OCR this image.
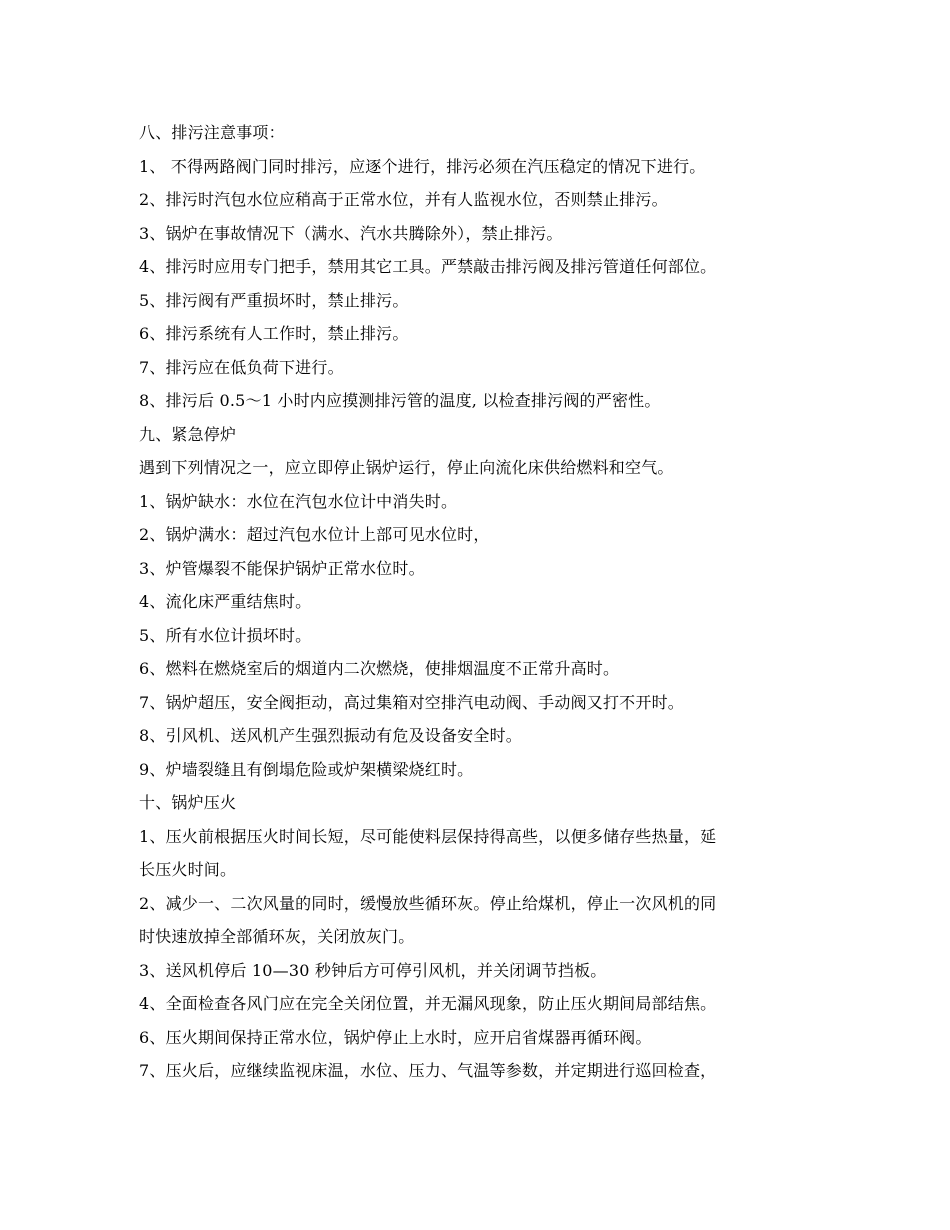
八、排污注意事项：
1、 不得两路阀门同时排污，应逐个进行，排污必须在汽压稳定的情况下进行。
2、排污时汽包水位应稍高于正常水位，并有人监视水位，否则禁止排污。
3、锅炉在事故情况下（满水、汽水共腾除外），禁止排污。
4、排污时应用专门把手，禁用其它工具。严禁敲击排污阀及排污管道任何部位。
5、排污阀有严重损坏时，禁止排污。
6、排污系统有人工作时，禁止排污。
7、排污应在低负荷下进行。
8、排污后 0.5～1 小时内应摸测排污管的温度, 以检查排污阀的严密性。
九、紧急停炉
遇到下列情况之一，应立即停止锅炉运行，停止向流化床供给燃料和空气。
1、锅炉缺水：水位在汽包水位计中消失时。
2、锅炉满水：超过汽包水位计上部可见水位时，
3、炉管爆裂不能保护锅炉正常水位时。
4、流化床严重结焦时。
5、所有水位计损坏时。
6、燃料在燃烧室后的烟道内二次燃烧，使排烟温度不正常升高时。
7、锅炉超压，安全阀拒动，高过集箱对空排汽电动阀、手动阀又打不开时。
8、引风机、送风机产生强烈振动有危及设备安全时。
9、炉墙裂缝且有倒塌危险或炉架横梁烧红时。
十、锅炉压火
1、压火前根据压火时间长短，尽可能使料层保持得高些，以便多储存些热量，延
长压火时间。
2、减少一、二次风量的同时，缓慢放些循环灰。停止给煤机，停止一次风机的同
时快速放掉全部循环灰，关闭放灰门。
3、送风机停后 10—30 秒钟后方可停引风机，并关闭调节挡板。
4、全面检查各风门应在完全关闭位置，并无漏风现象，防止压火期间局部结焦。
6、压火期间保持正常水位，锅炉停止上水时，应开启省煤器再循环阀。
7、压火后，应继续监视床温，水位、压力、气温等参数，并定期进行巡回检查，
